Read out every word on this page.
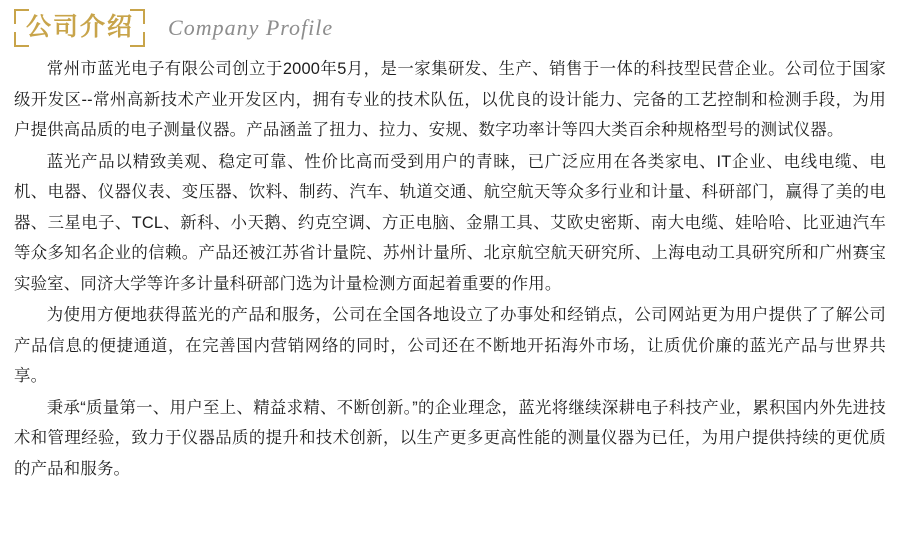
公司介绍 Company Profile

常州市蓝光电子有限公司创立于2000年5月，是一家集研发、生产、销售于一体的科技型民营企业。公司位于国家级开发区--常州高新技术产业开发区内，拥有专业的技术队伍，以优良的设计能力、完备的工艺控制和检测手段，为用户提供高品质的电子测量仪器。产品涵盖了扭力、拉力、安规、数字功率计等四大类百余种规格型号的测试仪器。

蓝光产品以精致美观、稳定可靠、性价比高而受到用户的青睐，已广泛应用在各类家电、IT企业、电线电缆、电机、电器、仪器仪表、变压器、饮料、制药、汽车、轨道交通、航空航天等众多行业和计量、科研部门，赢得了美的电器、三星电子、TCL、新科、小天鹅、约克空调、方正电脑、金鼎工具、艾欧史密斯、南大电缆、娃哈哈、比亚迪汽车等众多知名企业的信赖。产品还被江苏省计量院、苏州计量所、北京航空航天研究所、上海电动工具研究所和广州赛宝实验室、同济大学等许多计量科研部门选为计量检测方面起着重要的作用。

为使用方便地获得蓝光的产品和服务，公司在全国各地设立了办事处和经销点，公司网站更为用户提供了了解公司产品信息的便捷通道，在完善国内营销网络的同时，公司还在不断地开拓海外市场，让质优价廉的蓝光产品与世界共享。

秉承“质量第一、用户至上、精益求精、不断创新。”的企业理念，蓝光将继续深耕电子科技产业，累积国内外先进技术和管理经验，致力于仪器品质的提升和技术创新，以生产更多更高性能的测量仪器为已任，为用户提供持续的更优质的产品和服务。
